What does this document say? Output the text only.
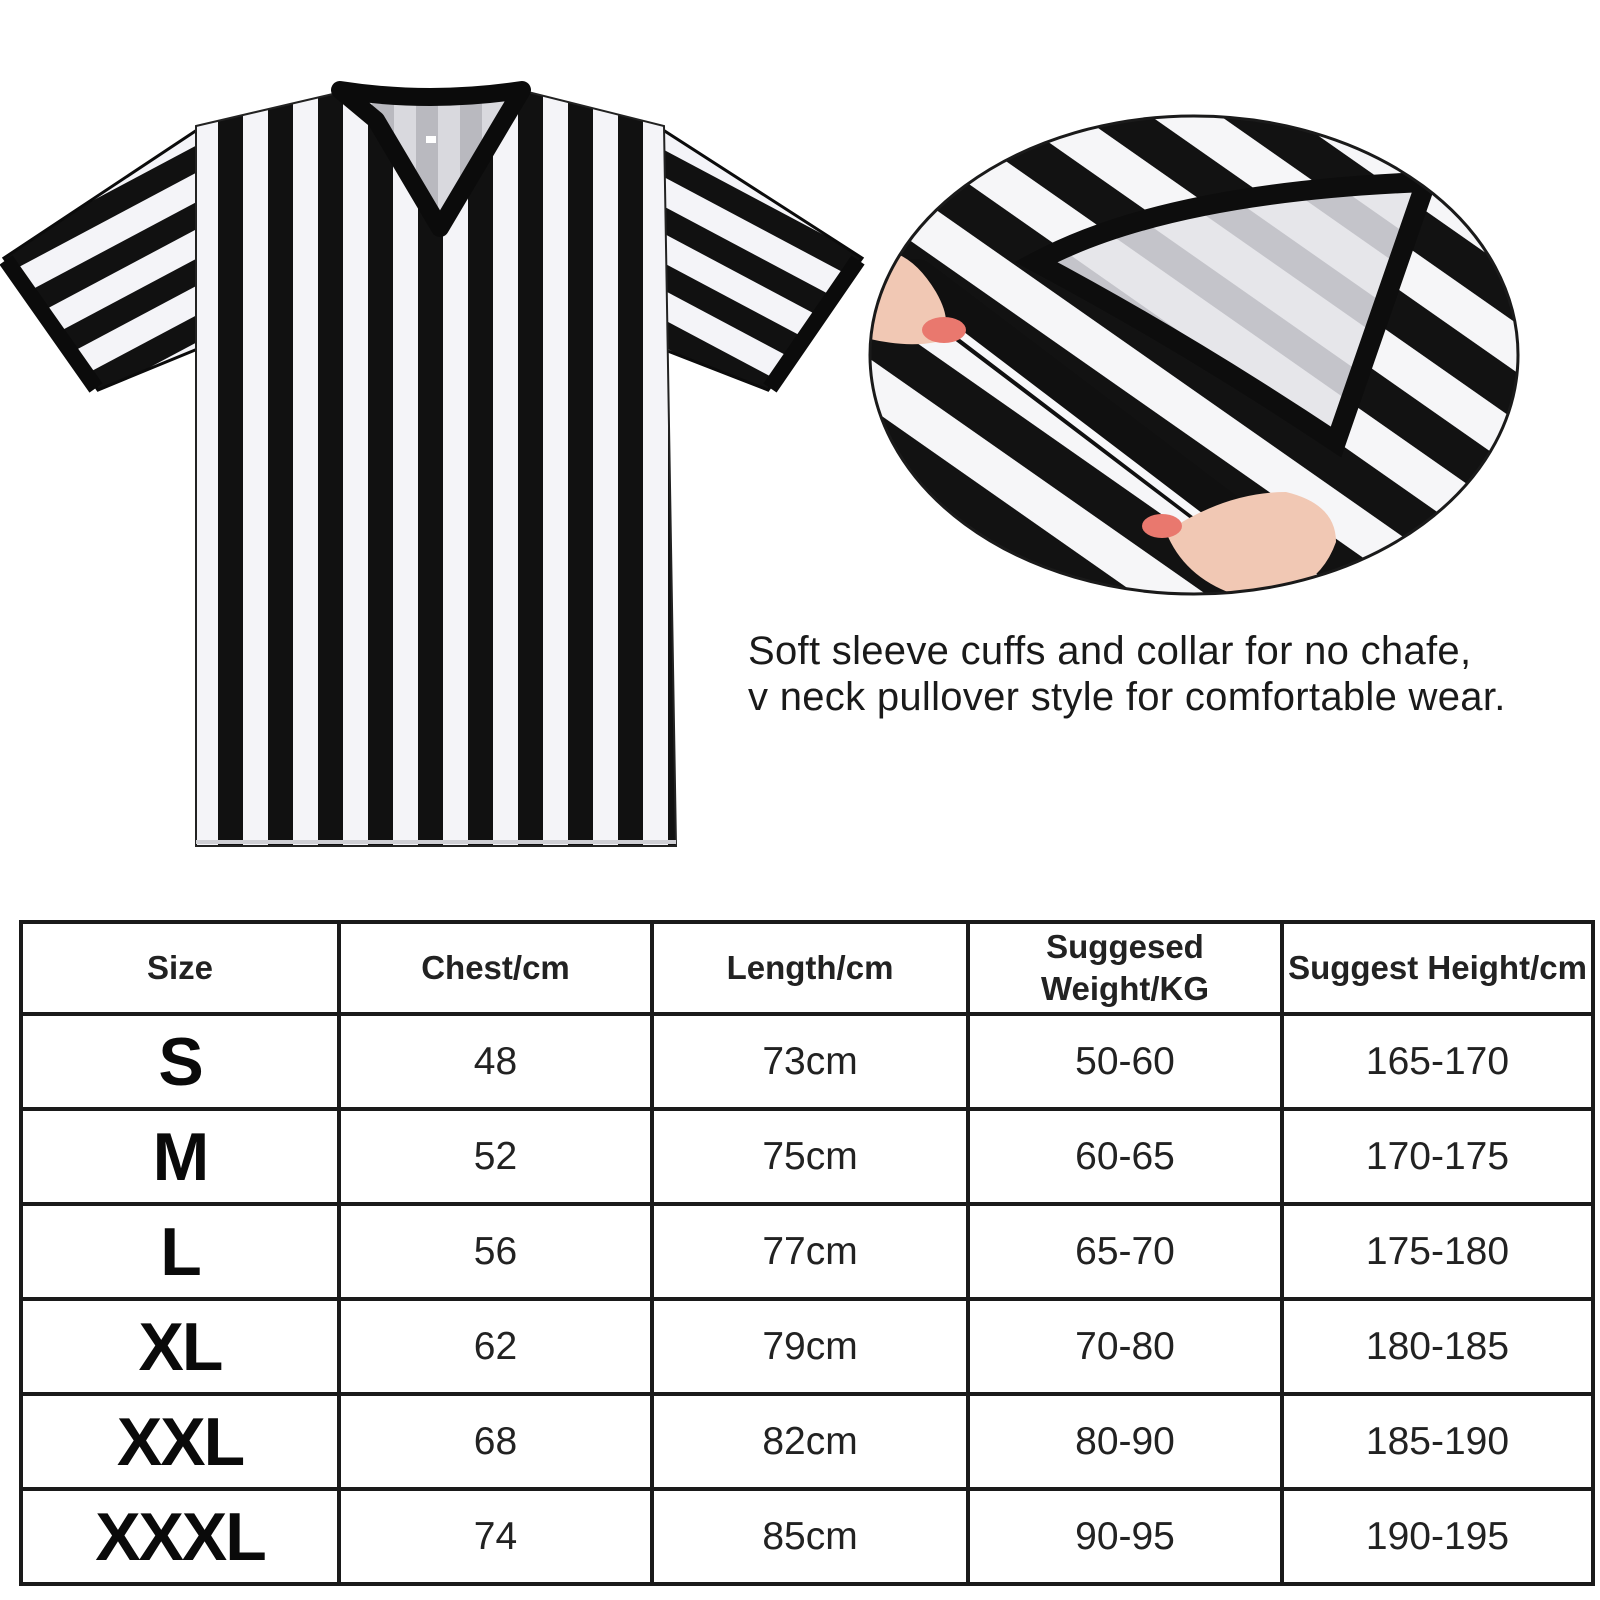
Soft sleeve cuffs and collar for no chafe,
v neck pullover style for comfortable wear.
Size	Chest/cm	Length/cm	Suggesed Weight/KG	Suggest Height/cm
S	48	73cm	50-60	165-170
M	52	75cm	60-65	170-175
L	56	77cm	65-70	175-180
XL	62	79cm	70-80	180-185
XXL	68	82cm	80-90	185-190
XXXL	74	85cm	90-95	190-195
